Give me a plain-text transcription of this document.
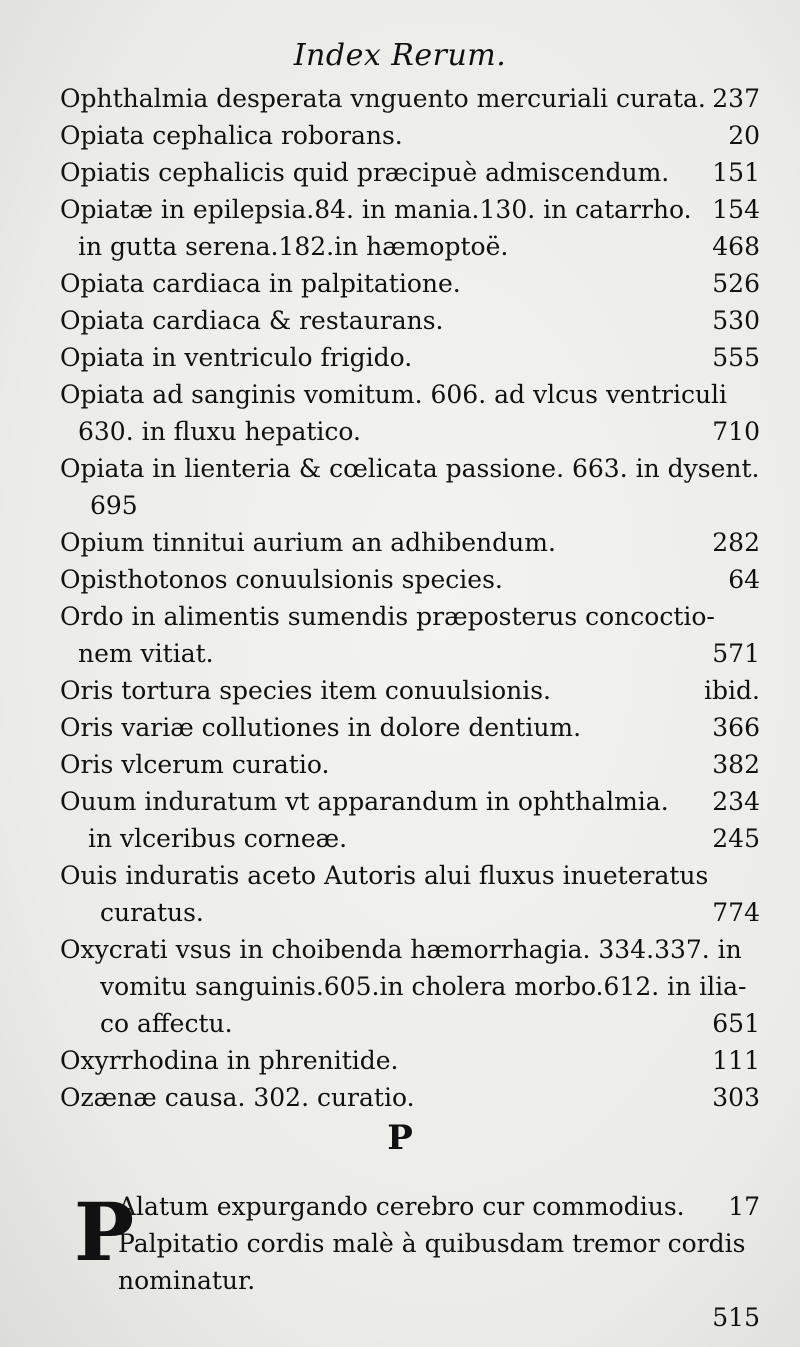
Index Rerum.
Ophthalmia desperata vnguento mercuriali curata. 237
Opiata cephalica roborans.	20
Opiatis cephalicis quid præcipuè admiscendum. 151
Opiatæ in epilepsia.84. in mania.130. in catarrho. 154
in gutta serena.182.in hæmoptoë.	468
Opiata cardiaca in palpitatione.	526
Opiata cardiaca & restaurans.	530
Opiata in ventriculo frigido.	555
Opiata ad sanginis vomitum. 606. ad vlcus ventriculi
630. in fluxu hepatico.	710
Opiata in lienteria & cœlicata passione. 663. in dysent.
695
Opium tinnitui aurium an adhibendum.	282
Opisthotonos conuulsionis species.	64
Ordo in alimentis sumendis præposterus concoctio-
nem vitiat.	571
Oris tortura species item conuulsionis.	ibid.
Oris variæ collutiones in dolore dentium.	366
Oris vlcerum curatio.	382
Ouum induratum vt apparandum in ophthalmia. 234
in vlceribus corneæ.	245
Ouis induratis aceto Autoris alui fluxus inueteratus
curatus.	774
Oxycrati vsus in choibenda hæmorrhagia. 334.337. in
vomitu sanguinis.605.in cholera morbo.612. in ilia-
co affectu.	651
Oxyrrhodina in phrenitide.	111
Ozænæ causa. 302. curatio.	303
P
P
Alatum expurgando cerebro cur commodius. 17
Palpitatio cordis malè à quibusdam tremor cordis
nominatur.
515
